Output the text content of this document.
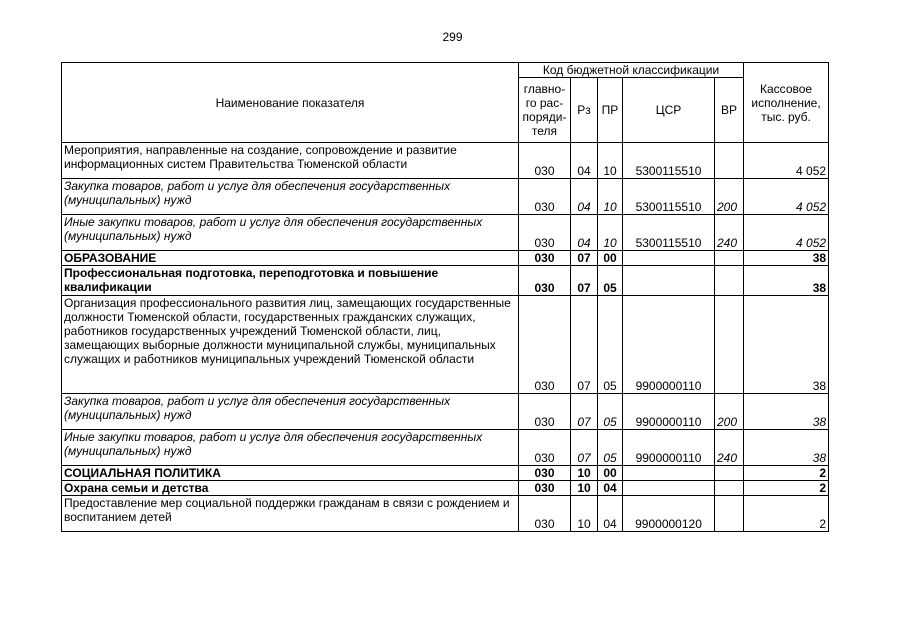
299
Наименование показателя	Код бюджетной классификации					Кассовое исполнение, тыс. руб.
	главно-го рас-поряди-теля	Рз	ПР	ЦСР	ВР	
Мероприятия, направленные на создание, сопровождение и развитие информационных систем Правительства Тюменской области	030	04	10	5300115510		4 052
Закупка товаров, работ и услуг для обеспечения государственных (муниципальных) нужд	030	04	10	5300115510	200	4 052
Иные закупки товаров, работ и услуг для обеспечения государственных (муниципальных) нужд	030	04	10	5300115510	240	4 052
ОБРАЗОВАНИЕ	030	07	00			38
Профессиональная подготовка, переподготовка и повышение квалификации	030	07	05			38
Организация профессионального развития лиц, замещающих государственные должности Тюменской области, государственных гражданских служащих, работников государственных учреждений Тюменской области, лиц, замещающих выборные должности муниципальной службы, муниципальных служащих и работников муниципальных учреждений Тюменской области	030	07	05	9900000110		38
Закупка товаров, работ и услуг для обеспечения государственных (муниципальных) нужд	030	07	05	9900000110	200	38
Иные закупки товаров, работ и услуг для обеспечения государственных (муниципальных) нужд	030	07	05	9900000110	240	38
СОЦИАЛЬНАЯ ПОЛИТИКА	030	10	00			2
Охрана семьи и детства	030	10	04			2
Предоставление мер социальной поддержки гражданам в связи с рождением и воспитанием детей	030	10	04	9900000120		2
